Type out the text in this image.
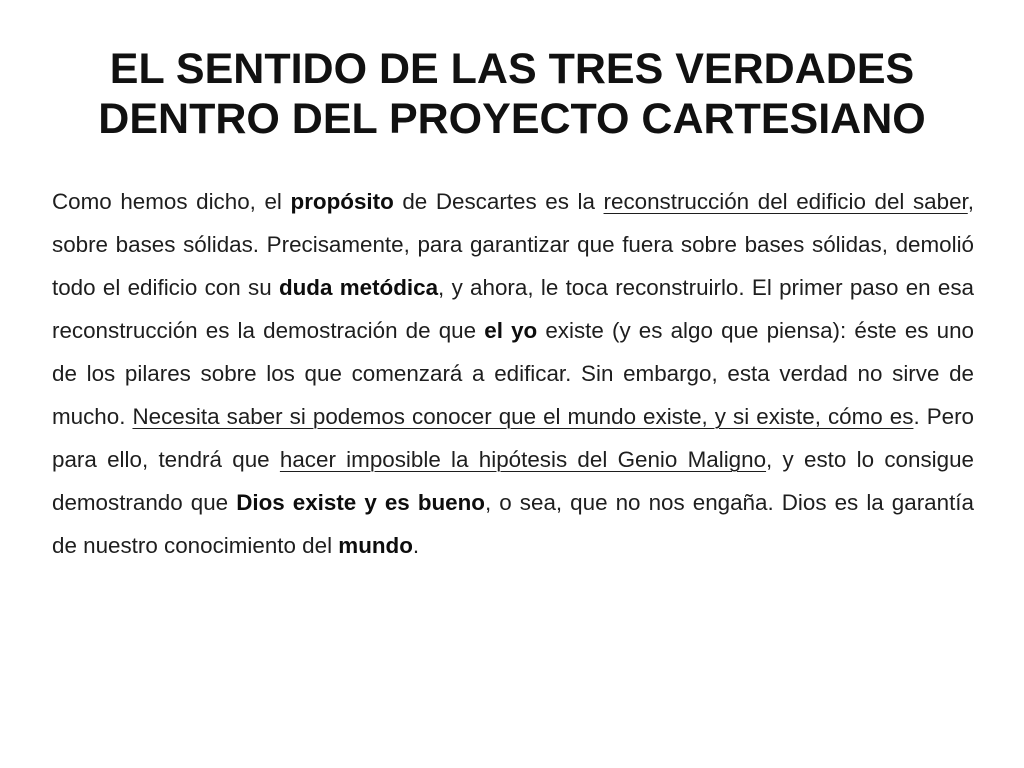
EL SENTIDO DE LAS TRES VERDADES
DENTRO DEL PROYECTO CARTESIANO

Como hemos dicho, el propósito de Descartes es la reconstrucción del edificio del saber, sobre bases sólidas. Precisamente, para garantizar que fuera sobre bases sólidas, demolió todo el edificio con su duda metódica, y ahora, le toca reconstruirlo. El primer paso en esa reconstrucción es la demostración de que el yo existe (y es algo que piensa): éste es uno de los pilares sobre los que comenzará a edificar. Sin embargo, esta verdad no sirve de mucho. Necesita saber si podemos conocer que el mundo existe, y si existe, cómo es. Pero para ello, tendrá que hacer imposible la hipótesis del Genio Maligno, y esto lo consigue demostrando que Dios existe y es bueno, o sea, que no nos engaña. Dios es la garantía de nuestro conocimiento del mundo.
